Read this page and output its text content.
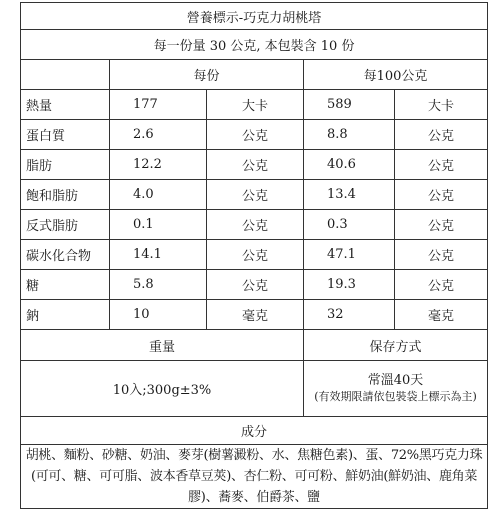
營養標示-巧克力胡桃塔				
每一份量 30 公克, 本包裝含 10 份				
	每份		每100公克	
熱量	177	大卡	589	大卡
蛋白質	2.6	公克	8.8	公克
脂肪	12.2	公克	40.6	公克
飽和脂肪	4.0	公克	13.4	公克
反式脂肪	0.1	公克	0.3	公克
碳水化合物	14.1	公克	47.1	公克
糖	5.8	公克	19.3	公克
鈉	10	毫克	32	毫克
重量			保存方式	
10入;300g±3%			常溫40天
(有效期限請依包裝袋上標示為主)	

成分				
胡桃、麵粉、砂糖、奶油、麥芽(樹薯澱粉、水、焦糖色素)、蛋、72%黑巧克力珠(可可、糖、可可脂、波本香草豆莢)、杏仁粉、可可粉、鮮奶油(鮮奶油、鹿角菜膠)、蕎麥、伯爵茶、鹽				
